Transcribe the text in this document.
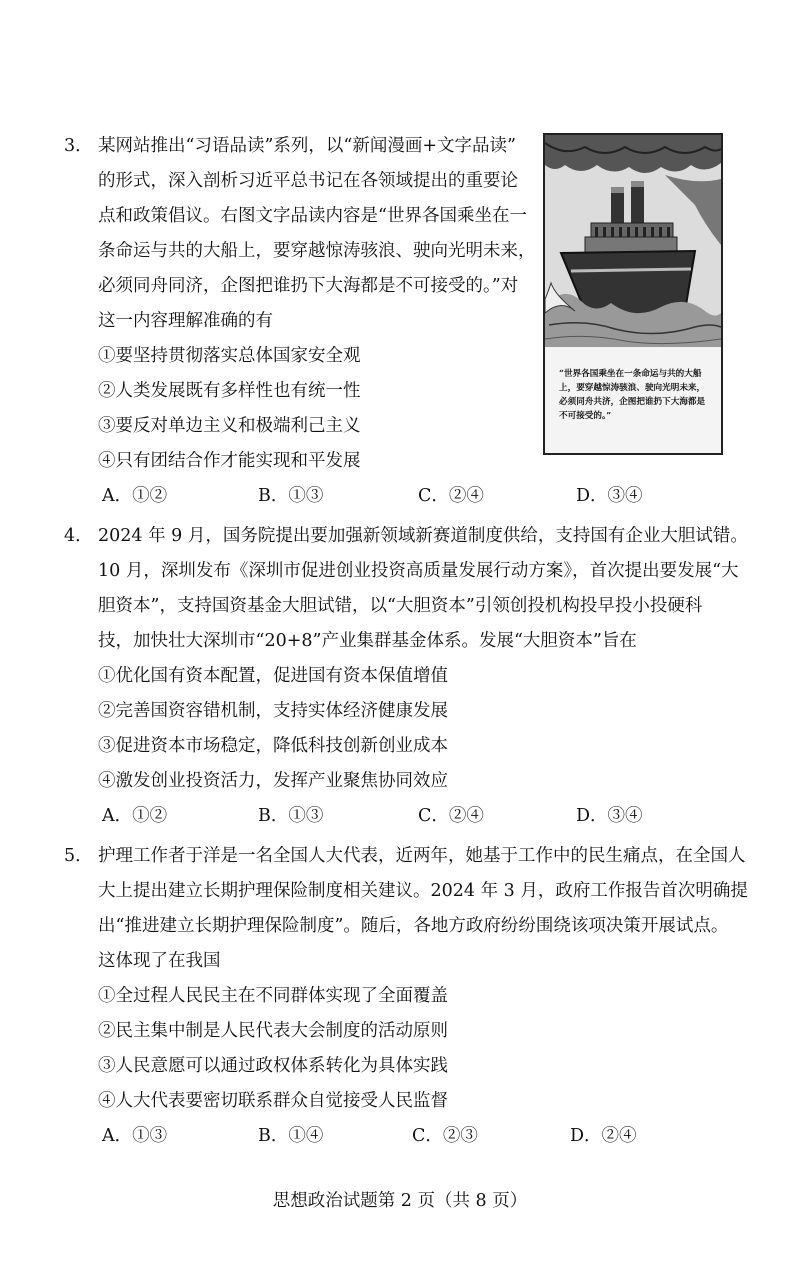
3． 某网站推出“习语品读”系列，以“新闻漫画+文字品读”
的形式，深入剖析习近平总书记在各领域提出的重要论
点和政策倡议。右图文字品读内容是“世界各国乘坐在一
条命运与共的大船上，要穿越惊涛骇浪、驶向光明未来，
必须同舟同济，企图把谁扔下大海都是不可接受的。”对
这一内容理解准确的有
①要坚持贯彻落实总体国家安全观
②人类发展既有多样性也有统一性
③要反对单边主义和极端利己主义
④只有团结合作才能实现和平发展
A．①②	B．①③	C．②④	D．③④
“世界各国乘坐在一条命运与共的大船上，要穿越惊涛骇浪、驶向光明未来，必须同舟共济，企图把谁扔下大海都是不可接受的。”
4． 2024 年 9 月，国务院提出要加强新领域新赛道制度供给，支持国有企业大胆试错。
10 月，深圳发布《深圳市促进创业投资高质量发展行动方案》，首次提出要发展“大
胆资本”，支持国资基金大胆试错，以“大胆资本”引领创投机构投早投小投硬科
技，加快壮大深圳市“20+8”产业集群基金体系。发展“大胆资本”旨在
①优化国有资本配置，促进国有资本保值增值
②完善国资容错机制，支持实体经济健康发展
③促进资本市场稳定，降低科技创新创业成本
④激发创业投资活力，发挥产业聚焦协同效应
A．①②	B．①③	C．②④	D．③④
5． 护理工作者于洋是一名全国人大代表，近两年，她基于工作中的民生痛点，在全国人
大上提出建立长期护理保险制度相关建议。2024 年 3 月，政府工作报告首次明确提
出“推进建立长期护理保险制度”。随后，各地方政府纷纷围绕该项决策开展试点。
这体现了在我国
①全过程人民民主在不同群体实现了全面覆盖
②民主集中制是人民代表大会制度的活动原则
③人民意愿可以通过政权体系转化为具体实践
④人大代表要密切联系群众自觉接受人民监督
A．①③	B．①④	C．②③	D．②④
思想政治试题第 2 页（共 8 页）
